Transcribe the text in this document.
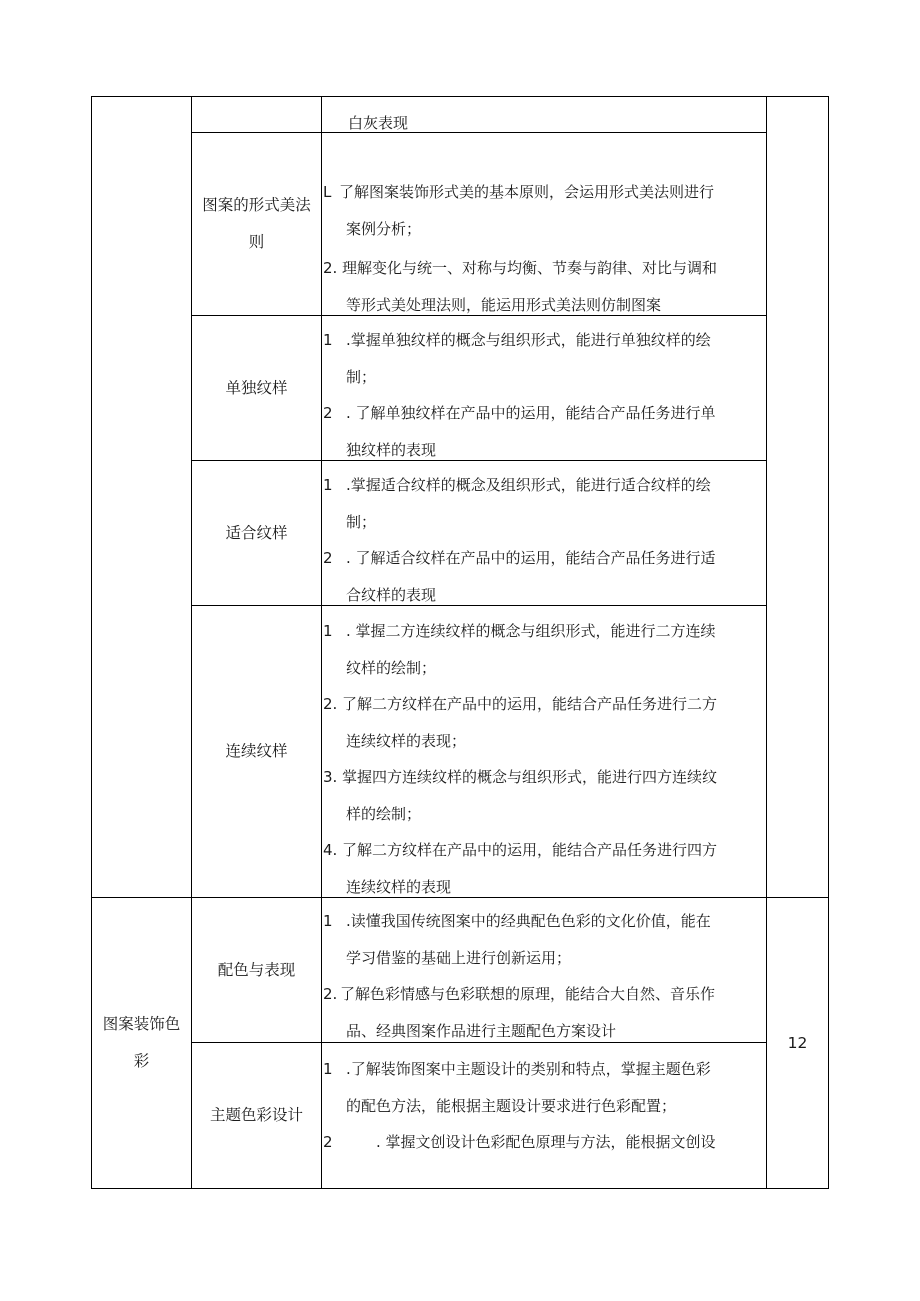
白灰表现
图案的形式美法
则
L 了解图案装饰形式美的基本原则，会运用形式美法则进行
案例分析；
2. 理解变化与统一、对称与均衡、节奏与韵律、对比与调和
等形式美处理法则，能运用形式美法则仿制图案
单独纹样
1 .掌握单独纹样的概念与组织形式，能进行单独纹样的绘
制；
2 . 了解单独纹样在产品中的运用，能结合产品任务进行单
独纹样的表现
适合纹样
1 .掌握适合纹样的概念及组织形式，能进行适合纹样的绘
制；
2 . 了解适合纹样在产品中的运用，能结合产品任务进行适
合纹样的表现
连续纹样
1 . 掌握二方连续纹样的概念与组织形式，能进行二方连续
纹样的绘制；
2. 了解二方纹样在产品中的运用，能结合产品任务进行二方
连续纹样的表现；
3. 掌握四方连续纹样的概念与组织形式，能进行四方连续纹
样的绘制；
4. 了解二方纹样在产品中的运用，能结合产品任务进行四方
连续纹样的表现
图案装饰色
彩
12
配色与表现
1 .读懂我国传统图案中的经典配色色彩的文化价值，能在
学习借鉴的基础上进行创新运用；
2. 了解色彩情感与色彩联想的原理，能结合大自然、音乐作
品、经典图案作品进行主题配色方案设计
主题色彩设计
1 .了解装饰图案中主题设计的类别和特点，掌握主题色彩
的配色方法，能根据主题设计要求进行色彩配置；
2 　　. 掌握文创设计色彩配色原理与方法，能根据文创设
